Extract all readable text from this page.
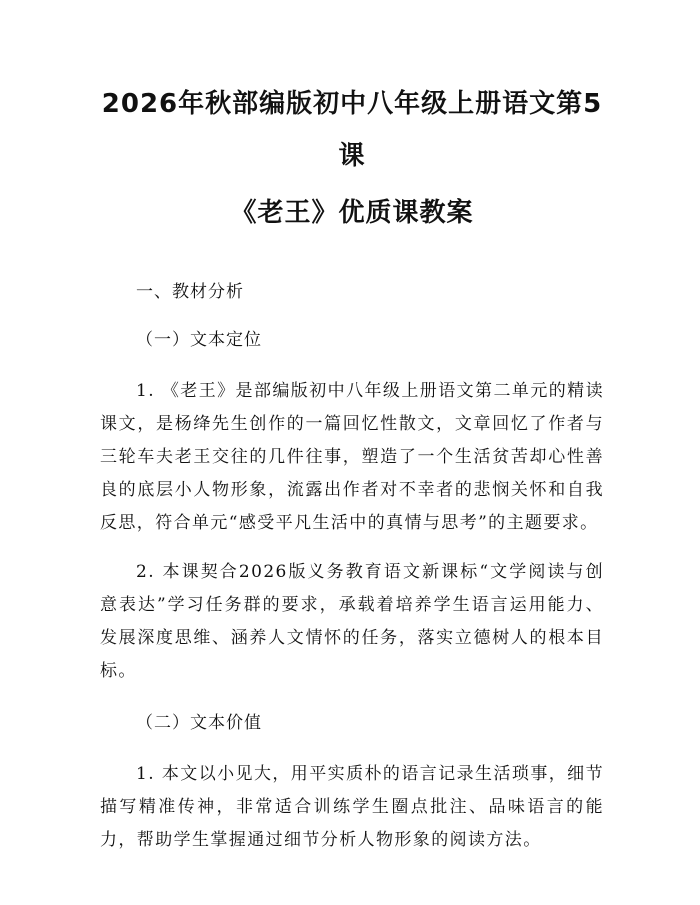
2026年秋部编版初中八年级上册语文第5课
《老王》优质课教案

一、教材分析

（一）文本定位

1. 《老王》是部编版初中八年级上册语文第二单元的精读课文，是杨绛先生创作的一篇回忆性散文，文章回忆了作者与三轮车夫老王交往的几件往事，塑造了一个生活贫苦却心性善良的底层小人物形象，流露出作者对不幸者的悲悯关怀和自我反思，符合单元“感受平凡生活中的真情与思考”的主题要求。

2. 本课契合2026版义务教育语文新课标“文学阅读与创意表达”学习任务群的要求，承载着培养学生语言运用能力、发展深度思维、涵养人文情怀的任务，落实立德树人的根本目标。

（二）文本价值

1. 本文以小见大，用平实质朴的语言记录生活琐事，细节描写精准传神，非常适合训练学生圈点批注、品味语言的能力，帮助学生掌握通过细节分析人物形象的阅读方法。
